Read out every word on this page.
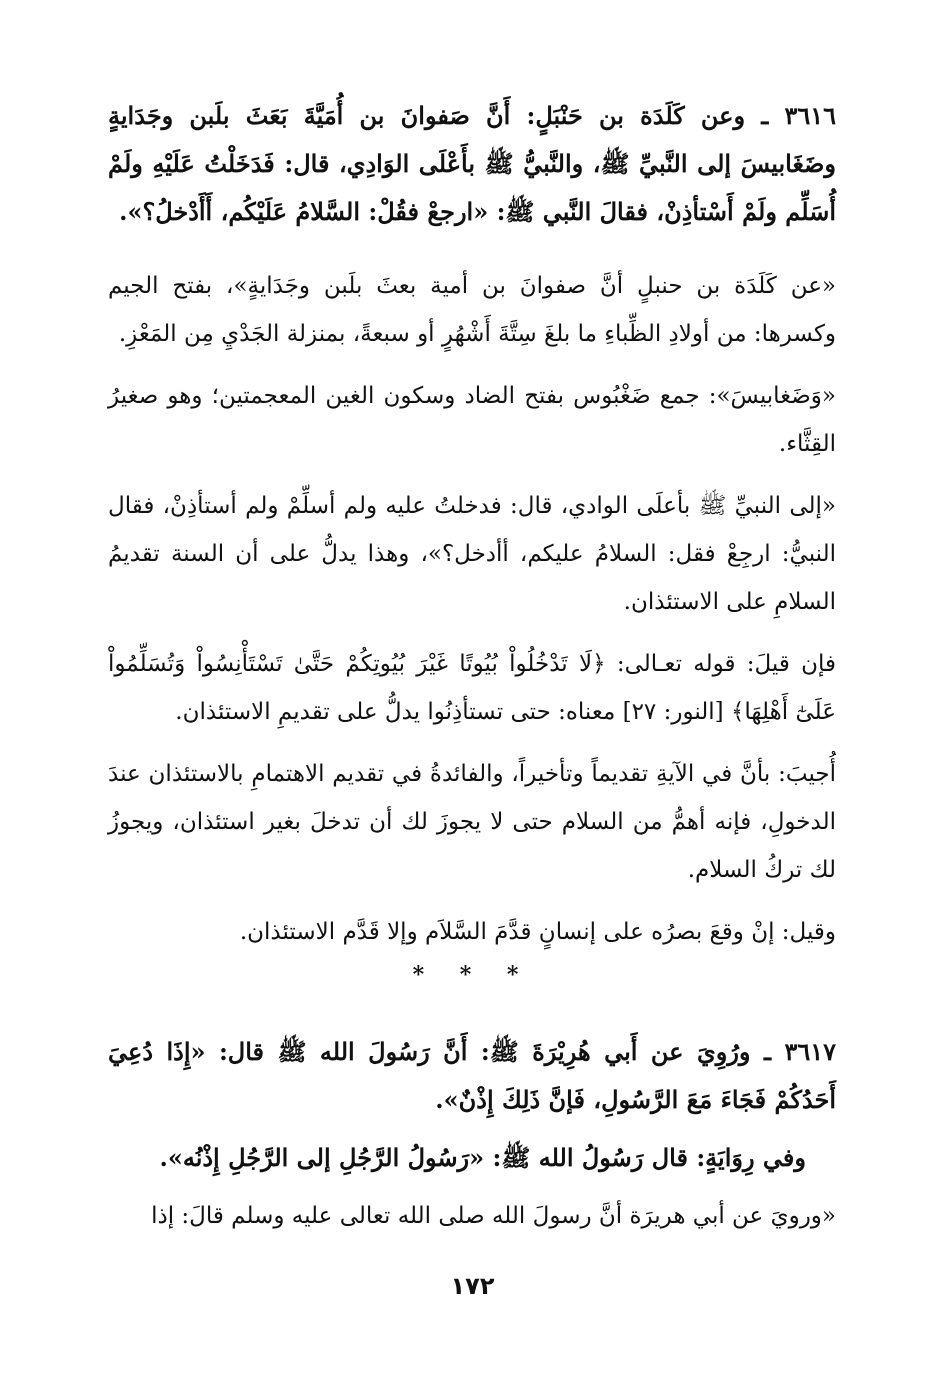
٣٦١٦ ـ وعن كَلَدَة بن حَنْبَلٍ: أَنَّ صَفوانَ بن أُمَيَّةَ بَعَثَ بلَبن وجَدَايةٍ وضَغَابيسَ إلى النَّبيِّ ﷺ، والنَّبيُّ ﷺ بأَعْلَى الوَادِي، قال: فَدَخَلْتُ عَلَيْهِ ولَمْ أُسَلِّم ولَمْ أَسْتأذِنْ، فقالَ النَّبي ﷺ: «ارجعْ فقُلْ: السَّلامُ عَلَيْكُم، أَأَدْخلُ؟».

«عن كَلَدَة بن حنبلٍ أنَّ صفوانَ بن أمية بعثَ بلَبن وجَدَايةٍ»، بفتح الجيم وكسرها: من أولادِ الظِّباءِ ما بلغَ سِتَّةَ أَشْهُرٍ أو سبعةً، بمنزلة الجَدْيِ مِن المَعْزِ.

«وَضَغابيسَ»: جمع ضَغْبُوس بفتح الضاد وسكون الغين المعجمتين؛ وهو صغيرُ القِثَّاء.

«إلى النبيِّ ﷺ بأعلَى الوادي، قال: فدخلتُ عليه ولم أسلِّمْ ولم أستأذِنْ، فقال النبيُّ: ارجِعْ فقل: السلامُ عليكم، أأدخل؟»، وهذا يدلُّ على أن السنة تقديمُ السلامِ على الاستئذان.

فإن قيلَ: قوله تعـالى: ﴿لَا تَدْخُلُواْ بُيُوتًا غَيْرَ بُيُوتِكُمْ حَتَّىٰ تَسْتَأْنِسُواْ وَتُسَلِّمُواْ عَلَىٰٓ أَهْلِهَا﴾ [النور: ٢٧] معناه: حتى تستأذِنُوا يدلُّ على تقديمِ الاستئذان.

أُجيبَ: بأنَّ في الآيةِ تقديماً وتأخيراً، والفائدةُ في تقديم الاهتمامِ بالاستئذان عندَ الدخولِ، فإنه أهمُّ من السلام حتى لا يجوزَ لك أن تدخلَ بغير استئذان، ويجوزُ لك تركُ السلام.

وقيل: إنْ وقعَ بصرُه على إنسانٍ قدَّمَ السَّلاَم وإلا قَدَّم الاستئذان.

* * *

٣٦١٧ ـ ورُوِيَ عن أَبي هُرِيْرَةَ ﷺ: أَنَّ رَسُولَ الله ﷺ قال: «إِذَا دُعِيَ أَحَدُكُمْ فَجَاءَ مَعَ الرَّسُولِ، فَإنَّ ذَلِكَ إِذْنٌ».

وفي رِوَايَةٍ: قال رَسُولُ الله ﷺ: «رَسُولُ الرَّجُلِ إلى الرَّجُلِ إِذْنُه».

«ورويَ عن أبي هريرَة أنَّ رسولَ الله صلى الله تعالى عليه وسلم قالَ: إذا

١٧٢
